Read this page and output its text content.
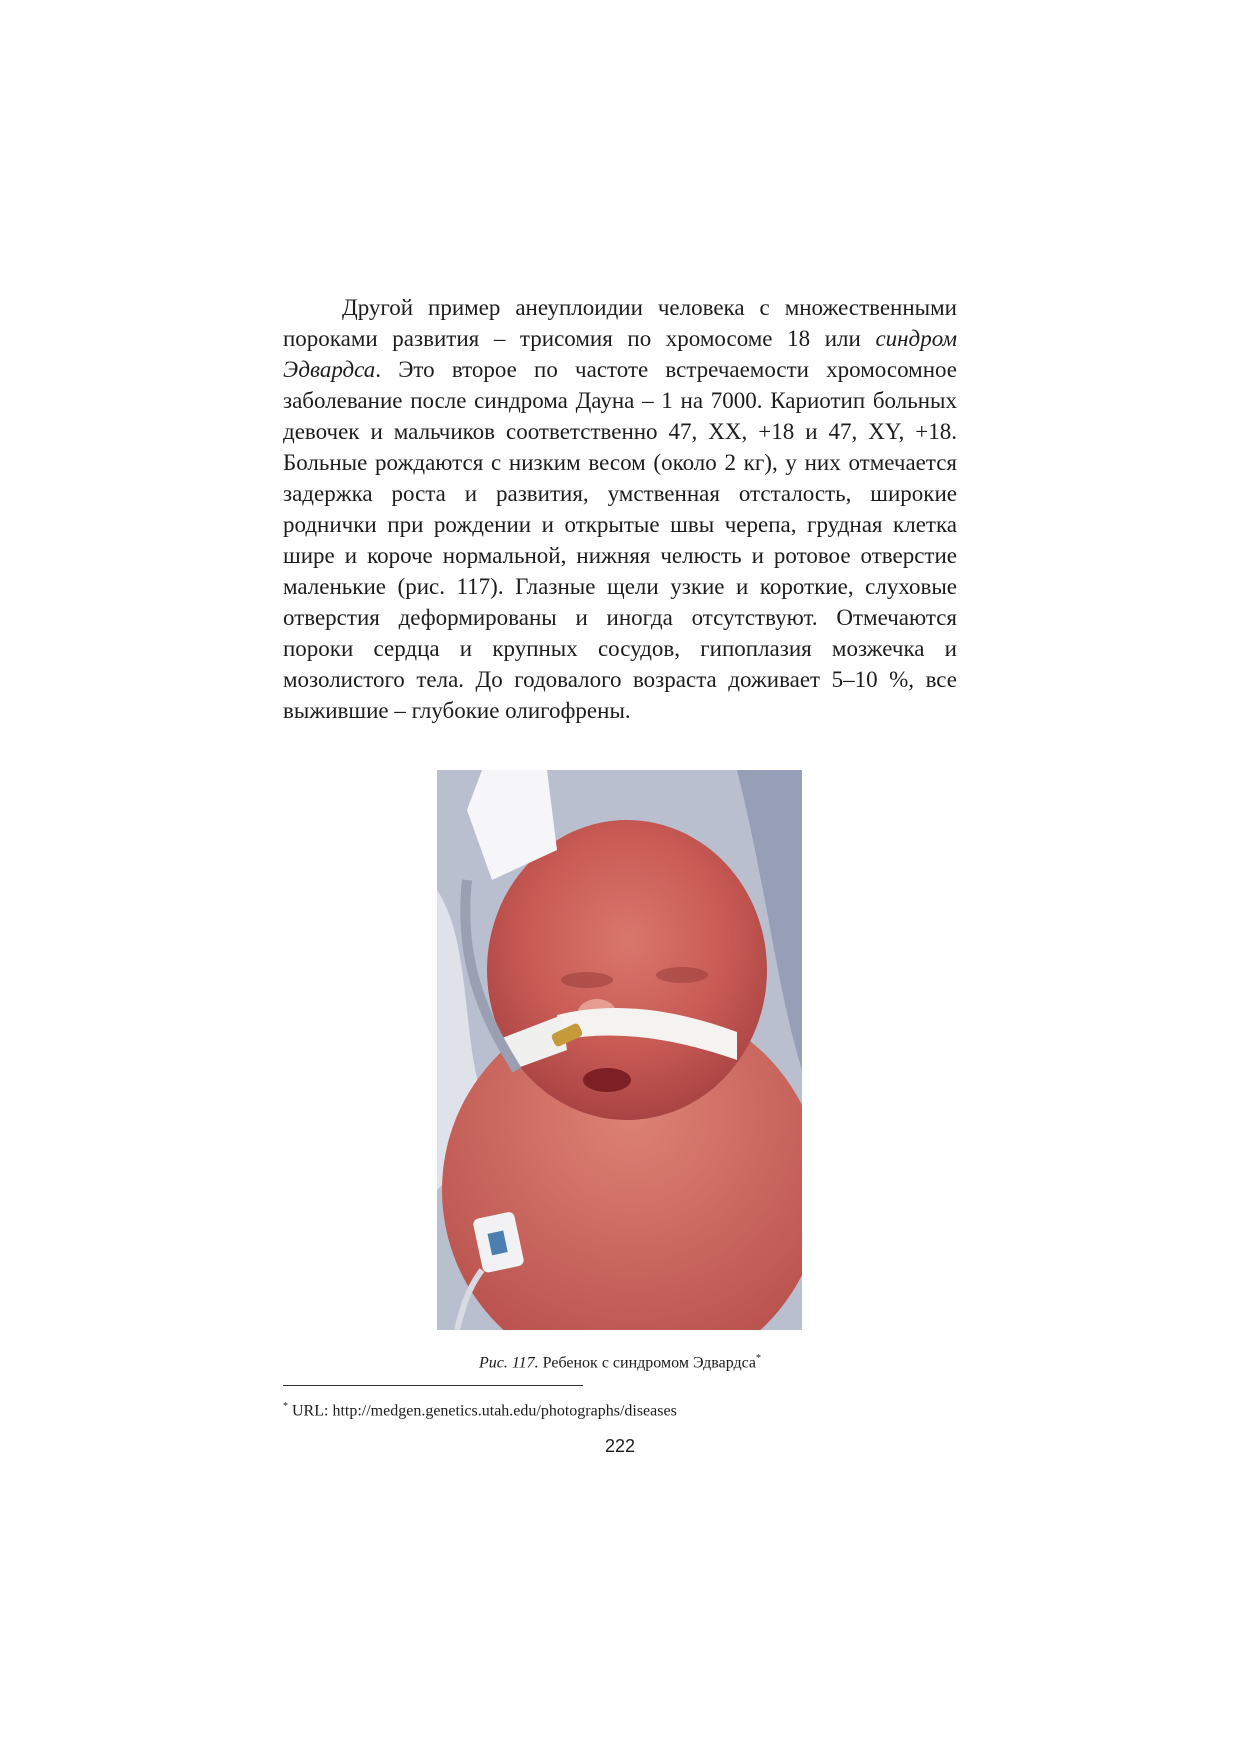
Другой пример анеуплоидии человека с множественными пороками развития – трисомия по хромосоме 18 или синдром Эдвардса. Это второе по частоте встречаемости хромосомное заболевание после синдрома Дауна – 1 на 7000. Кариотип больных девочек и мальчиков соответственно 47, XX, +18 и 47, XY, +18. Больные рождаются с низким весом (около 2 кг), у них отмечается задержка роста и развития, умственная отсталость, широкие роднички при рождении и открытые швы черепа, грудная клетка шире и короче нормальной, нижняя челюсть и ротовое отверстие маленькие (рис. 117). Глазные щели узкие и короткие, слуховые отверстия деформированы и иногда отсутствуют. Отмечаются пороки сердца и крупных сосудов, гипоплазия мозжечка и мозолистого тела. До годовалого возраста доживает 5–10 %, все выжившие – глубокие олигофрены.

Рис. 117. Ребенок с синдромом Эдвардса*
* URL: http://medgen.genetics.utah.edu/photographs/diseases
222
